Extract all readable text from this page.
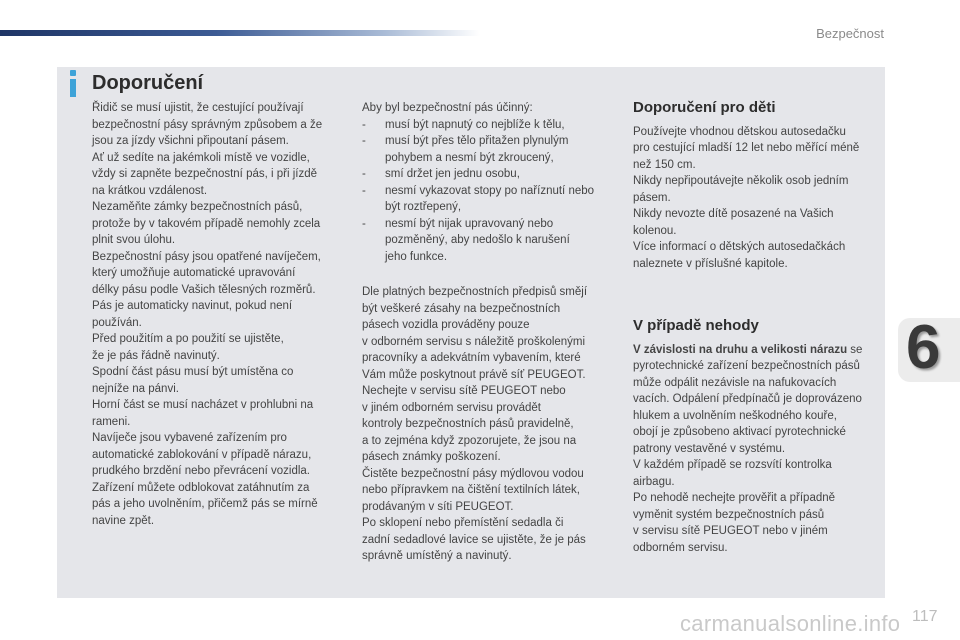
Bezpečnost
Doporučení

Řidič se musí ujistit, že cestující používají
bezpečnostní pásy správným způsobem a že
jsou za jízdy všichni připoutaní pásem.

Ať už sedíte na jakémkoli místě ve vozidle,
vždy si zapněte bezpečnostní pás, i při jízdě
na krátkou vzdálenost.

Nezaměňte zámky bezpečnostních pásů,
protože by v takovém případě nemohly zcela
plnit svou úlohu.

Bezpečnostní pásy jsou opatřené navíječem,
který umožňuje automatické upravování
délky pásu podle Vašich tělesných rozměrů.
Pás je automaticky navinut, pokud není
používán.

Před použitím a po použití se ujistěte,
že je pás řádně navinutý.

Spodní část pásu musí být umístěna co
nejníže na pánvi.

Horní část se musí nacházet v prohlubni na
rameni.

Navíječe jsou vybavené zařízením pro
automatické zablokování v případě nárazu,
prudkého brzdění nebo převrácení vozidla.
Zařízení můžete odblokovat zatáhnutím za
pás a jeho uvolněním, přičemž pás se mírně
navine zpět.

Aby byl bezpečnostní pás účinný:

-	musí být napnutý co nejblíže k tělu,
-	musí být přes tělo přitažen plynulým
pohybem a nesmí být zkroucený,
-	smí držet jen jednu osobu,
-	nesmí vykazovat stopy po naříznutí nebo
být roztřepený,
-	nesmí být nijak upravovaný nebo
pozměněný, aby nedošlo k narušení
jeho funkce.

Dle platných bezpečnostních předpisů smějí
být veškeré zásahy na bezpečnostních
pásech vozidla prováděny pouze
v odborném servisu s náležitě proškolenými
pracovníky a adekvátním vybavením, které
Vám může poskytnout právě síť PEUGEOT.

Nechejte v servisu sítě PEUGEOT nebo
v jiném odborném servisu provádět
kontroly bezpečnostních pásů pravidelně,
a to zejména když zpozorujete, že jsou na
pásech známky poškození.

Čistěte bezpečnostní pásy mýdlovou vodou
nebo přípravkem na čištění textilních látek,
prodávaným v síti PEUGEOT.

Po sklopení nebo přemístění sedadla či
zadní sedadlové lavice se ujistěte, že je pás
správně umístěný a navinutý.

Doporučení pro děti

Používejte vhodnou dětskou autosedačku
pro cestující mladší 12 let nebo měřící méně
než 150 cm.

Nikdy nepřipoutávejte několik osob jedním
pásem.

Nikdy nevozte dítě posazené na Vašich
kolenou.

Více informací o dětských autosedačkách
naleznete v příslušné kapitole.

V případě nehody

V závislosti na druhu a velikosti nárazu se
pyrotechnické zařízení bezpečnostních pásů
může odpálit nezávisle na nafukovacích
vacích. Odpálení předpínačů je doprovázeno
hlukem a uvolněním neškodného kouře,
obojí je způsobeno aktivací pyrotechnické
patrony vestavěné v systému.

V každém případě se rozsvítí kontrolka
airbagu.

Po nehodě nechejte prověřit a případně
vyměnit systém bezpečnostních pásů
v servisu sítě PEUGEOT nebo v jiném
odborném servisu.

6
117
carmanualsonline.info
